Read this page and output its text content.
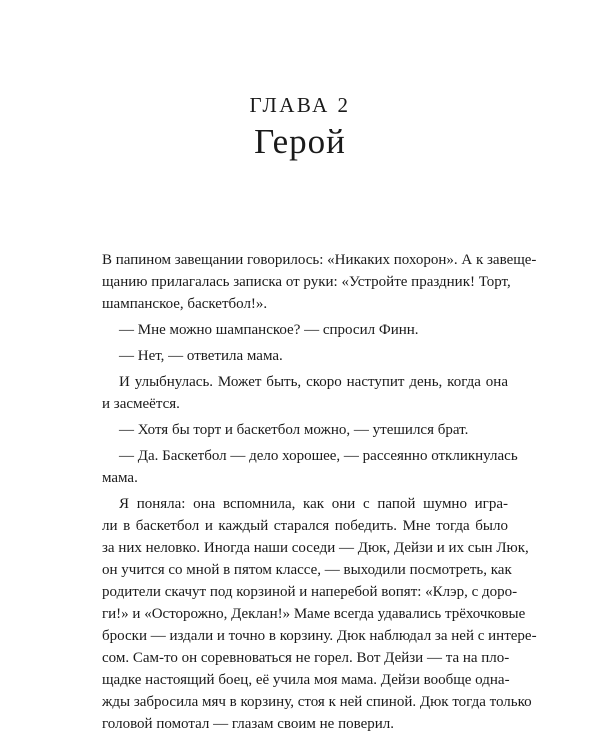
ГЛАВА 2
Герой
В папином завещании говорилось: «Никаких похорон». А к завеще-
щанию прилагалась записка от руки: «Устройте праздник! Торт,
шампанское, баскетбол!».
— Мне можно шампанское? — спросил Финн.
— Нет, — ответила мама.
И улыбнулась. Может быть, скоро наступит день, когда она
и засмеётся.
— Хотя бы торт и баскетбол можно, — утешился брат.
— Да. Баскетбол — дело хорошее, — рассеянно откликнулась
мама.
Я поняла: она вспомнила, как они с папой шумно игра-
ли в баскетбол и каждый старался победить. Мне тогда было
за них неловко. Иногда наши соседи — Дюк, Дейзи и их сын Люк,
он учится со мной в пятом классе, — выходили посмотреть, как
родители скачут под корзиной и наперебой вопят: «Клэр, с доро-
ги!» и «Осторожно, Деклан!» Маме всегда удавались трёхочковые
броски — издали и точно в корзину. Дюк наблюдал за ней с интере-
сом. Сам-то он соревноваться не горел. Вот Дейзи — та на пло-
щадке настоящий боец, её учила моя мама. Дейзи вообще одна-
жды забросила мяч в корзину, стоя к ней спиной. Дюк тогда только
головой помотал — глазам своим не поверил.
